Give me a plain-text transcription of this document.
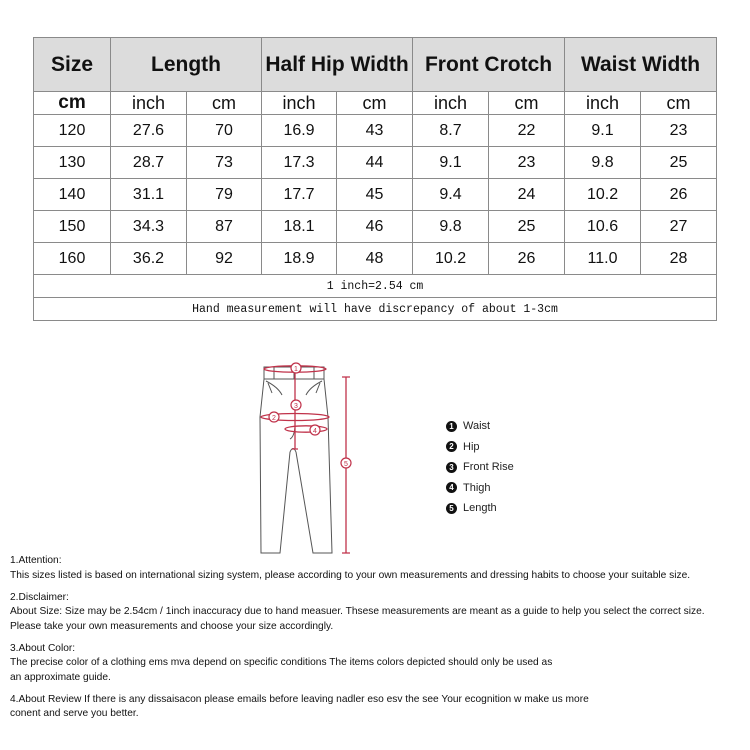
Size	Length		Half Hip Width		Front Crotch		Waist Width	
cm	inch	cm	inch	cm	inch	cm	inch	cm
120	27.6	70	16.9	43	8.7	22	9.1	23
130	28.7	73	17.3	44	9.1	23	9.8	25
140	31.1	79	17.7	45	9.4	24	10.2	26
150	34.3	87	18.1	46	9.8	25	10.6	27
160	36.2	92	18.9	48	10.2	26	11.0	28
1 inch=2.54 cm								
Hand measurement will have discrepancy of about 1-3cm								
1
2
3
4
5
1 Waist
2 Hip
3 Front Rise
4 Thigh
5 Length

1.Attention:

This sizes listed is based on international sizing system, please according to your own measurements and dressing habits to choose your suitable size.

2.Disclaimer:

About Size: Size may be 2.54cm / 1inch inaccuracy due to hand measuer. Thsese measurements are meant as a guide to help you select the correct size.

Please take your own measurements and choose your size accordingly.

3.About Color:

The precise color of a clothing ems mva depend on specific conditions The items colors depicted should only be used as

an approximate guide.

4.About Review If there is any dissaisacon please emails before leaving nadler eso esv the see Your ecognition w make us more

conent and serve you better.
